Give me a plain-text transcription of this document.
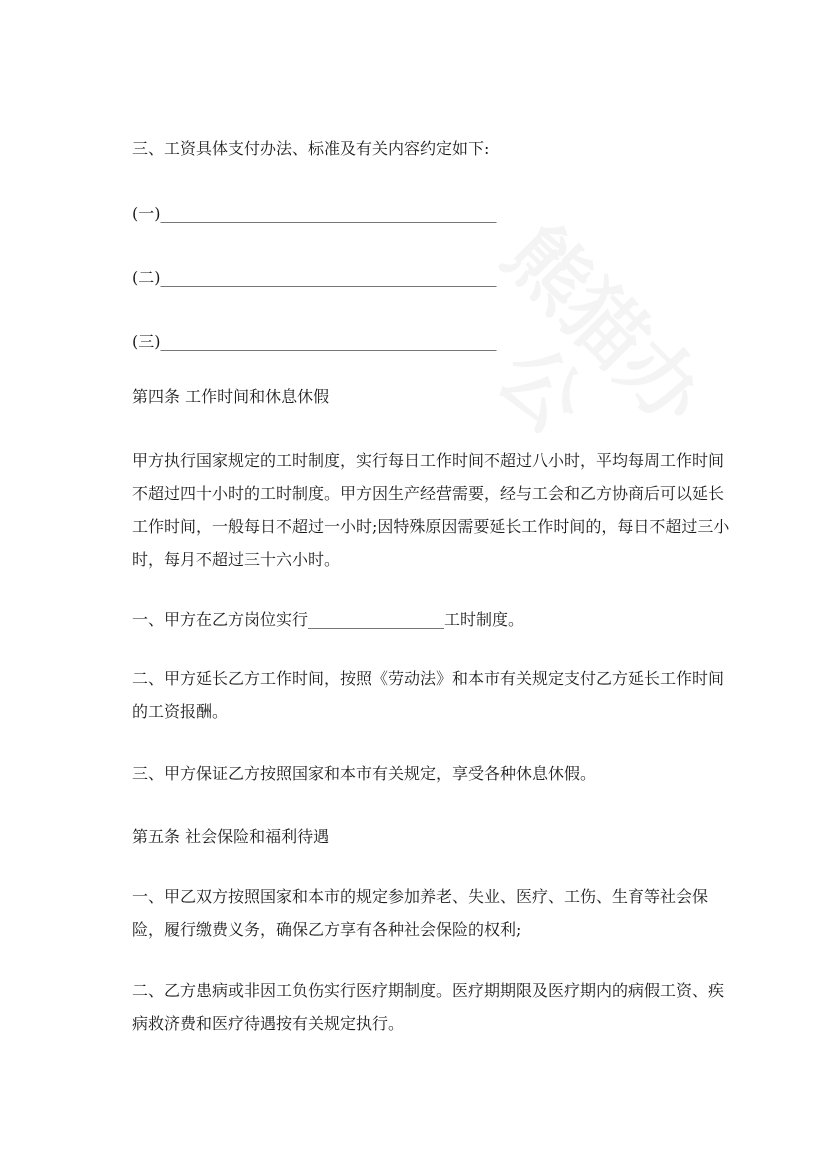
三、工资具体支付办法、标准及有关内容约定如下:

(一)__________________________________________

(二)__________________________________________

(三)__________________________________________

第四条 工作时间和休息休假

甲方执行国家规定的工时制度，实行每日工作时间不超过八小时，平均每周工作时间不超过四十小时的工时制度。甲方因生产经营需要，经与工会和乙方协商后可以延长工作时间，一般每日不超过一小时;因特殊原因需要延长工作时间的，每日不超过三小时，每月不超过三十六小时。

一、甲方在乙方岗位实行_________________工时制度。

二、甲方延长乙方工作时间，按照《劳动法》和本市有关规定支付乙方延长工作时间的工资报酬。

三、甲方保证乙方按照国家和本市有关规定，享受各种休息休假。

第五条 社会保险和福利待遇

一、甲乙双方按照国家和本市的规定参加养老、失业、医疗、工伤、生育等社会保险，履行缴费义务，确保乙方享有各种社会保险的权利;

二、乙方患病或非因工负伤实行医疗期制度。医疗期期限及医疗期内的病假工资、疾病救济费和医疗待遇按有关规定执行。
